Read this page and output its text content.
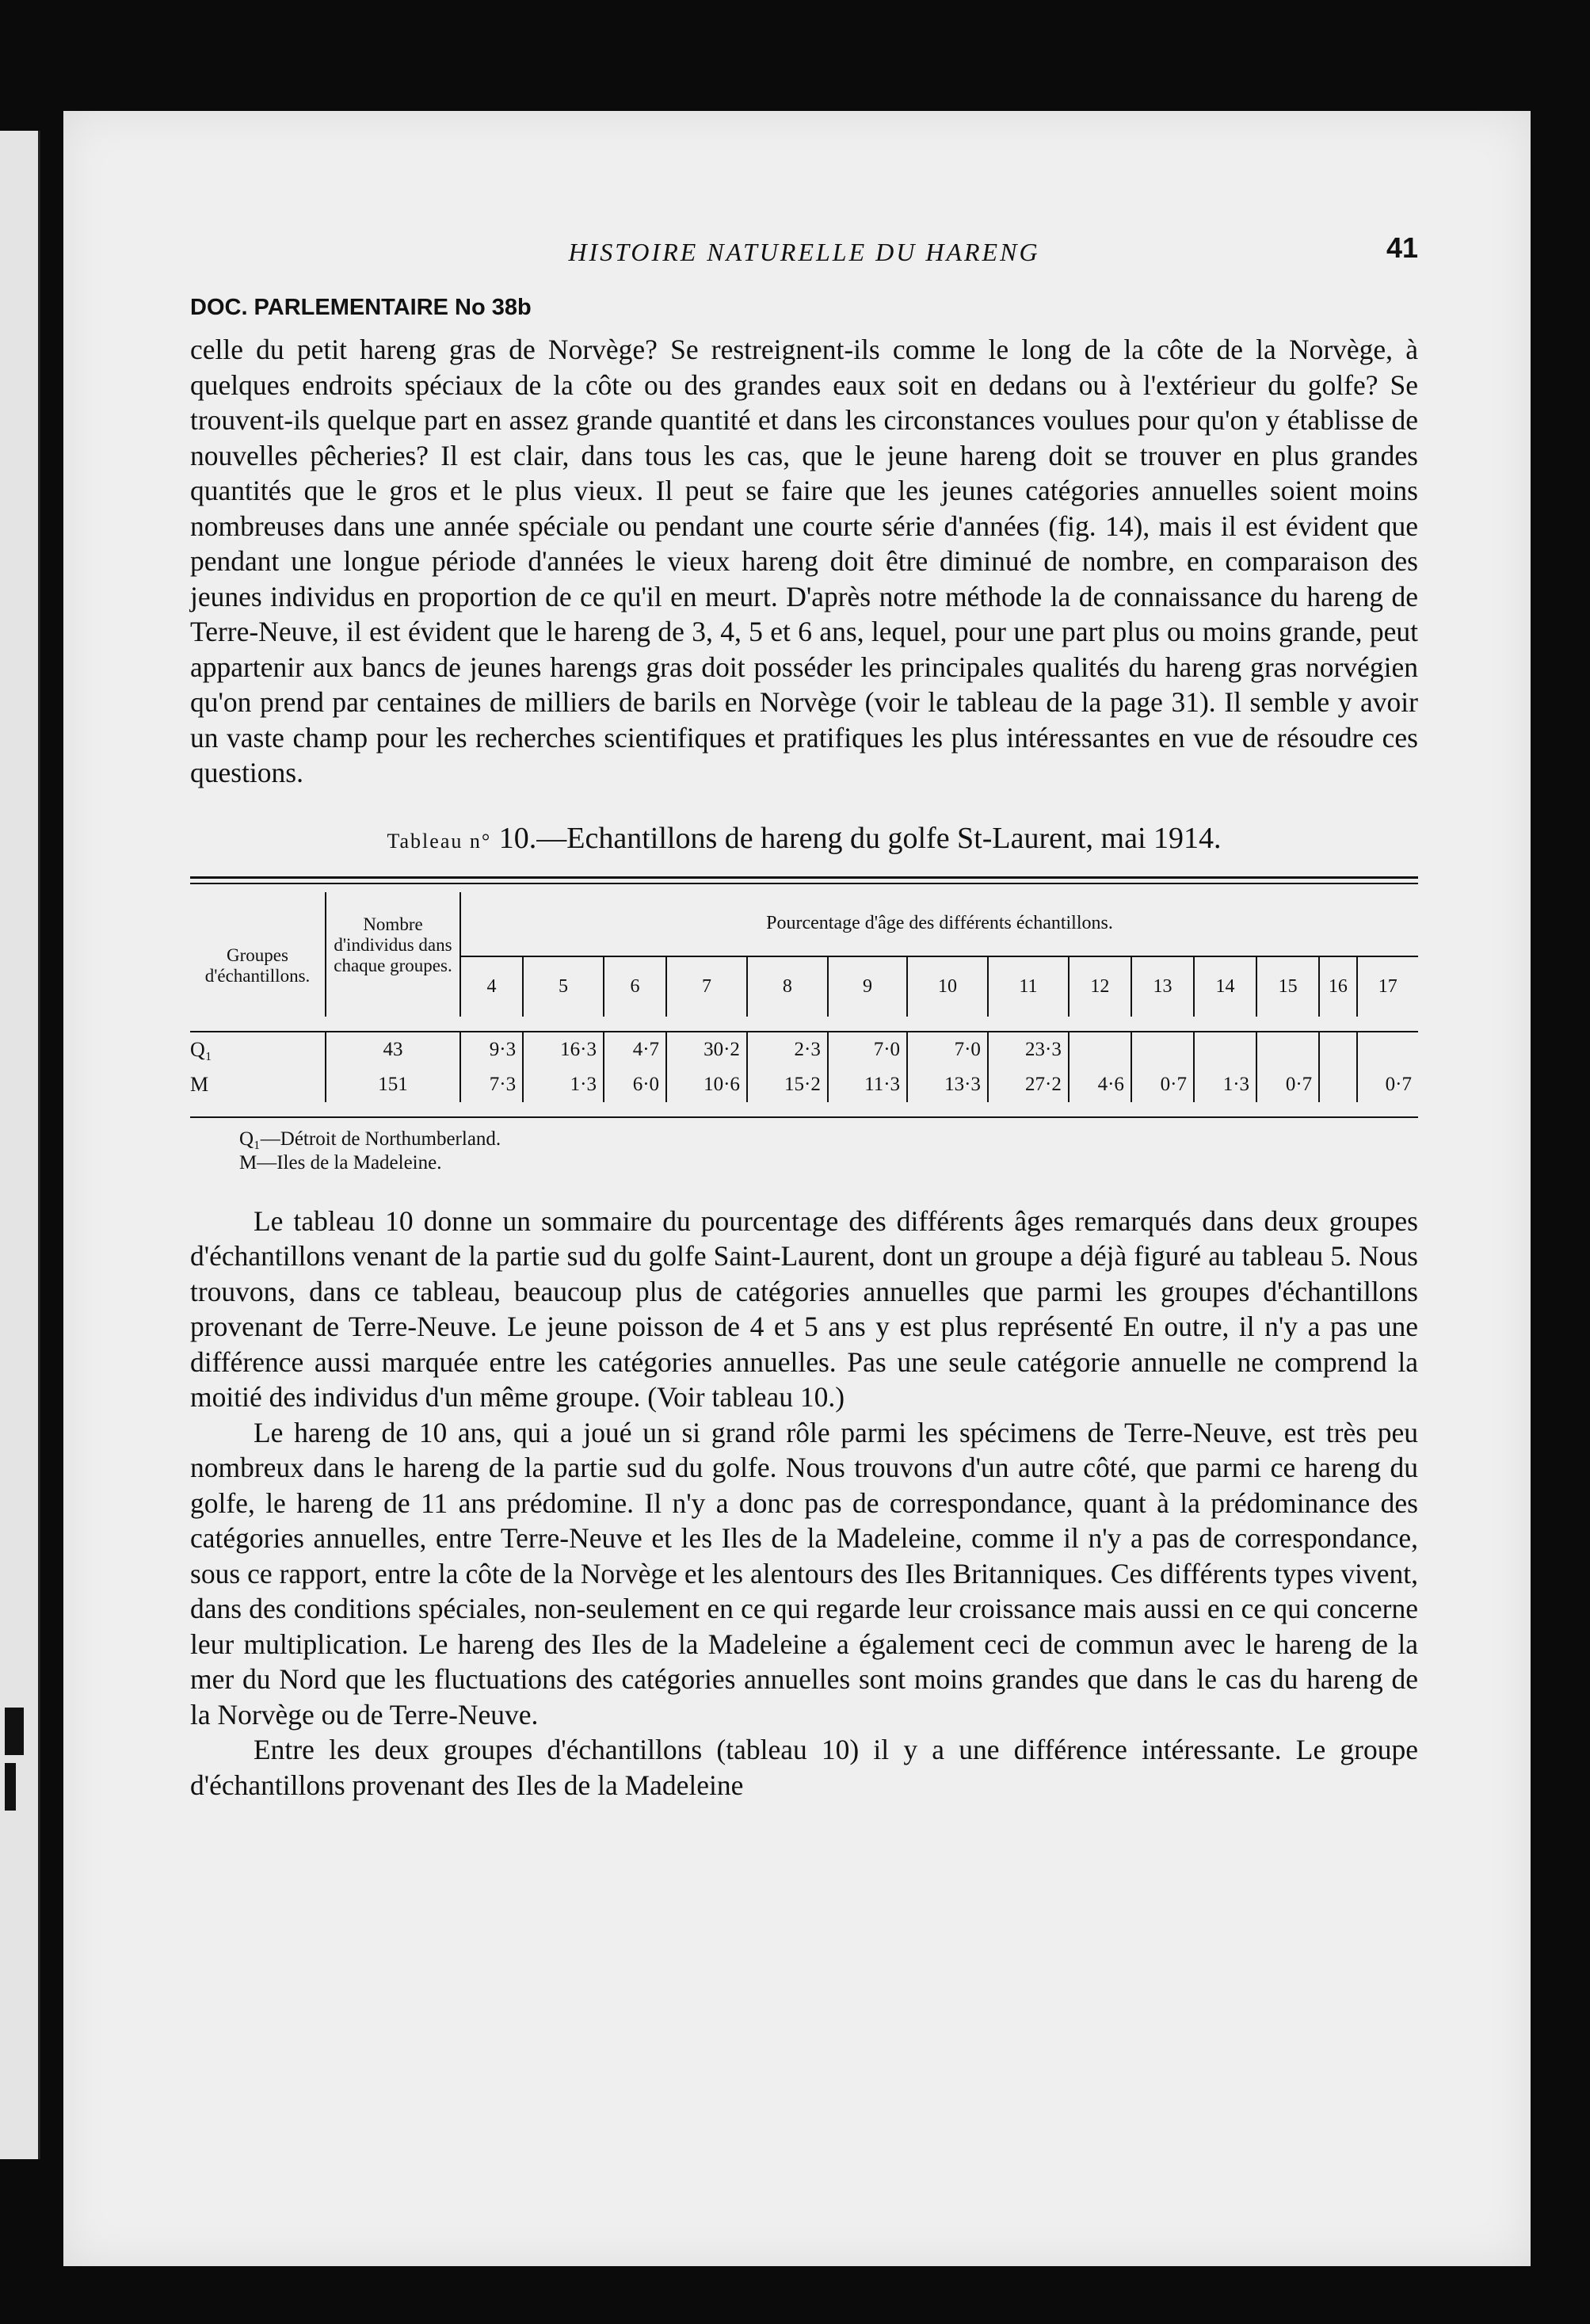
HISTOIRE NATURELLE DU HARENG	41
DOC. PARLEMENTAIRE No 38b

celle du petit hareng gras de Norvège? Se restreignent-ils comme le long de la côte de la Norvège, à quelques endroits spéciaux de la côte ou des grandes eaux soit en dedans ou à l'extérieur du golfe? Se trouvent-ils quelque part en assez grande quantité et dans les circonstances voulues pour qu'on y établisse de nouvelles pêcheries? Il est clair, dans tous les cas, que le jeune hareng doit se trouver en plus grandes quantités que le gros et le plus vieux. Il peut se faire que les jeunes catégories annuelles soient moins nombreuses dans une année spéciale ou pendant une courte série d'années (fig. 14), mais il est évident que pendant une longue période d'années le vieux hareng doit être diminué de nombre, en comparaison des jeunes individus en proportion de ce qu'il en meurt. D'après notre méthode la de connaissance du hareng de Terre-Neuve, il est évident que le hareng de 3, 4, 5 et 6 ans, lequel, pour une part plus ou moins grande, peut appartenir aux bancs de jeunes harengs gras doit posséder les principales qualités du hareng gras norvégien qu'on prend par centaines de milliers de barils en Norvège (voir le tableau de la page 31). Il semble y avoir un vaste champ pour les recherches scientifiques et pratifiques les plus intéressantes en vue de résoudre ces questions.

Tableau n° 10.—Echantillons de hareng du golfe St-Laurent, mai 1914.
Groupes d'échantillons.	Nombre d'individus dans chaque groupes.	Pourcentage d'âge des différents échantillons.													
		4	5	6	7	8	9	10	11	12	13	14	15	16	17

Q₁	43	9·3	16·3	4·7	30·2	2·3	7·0	7·0	23·3						
M	151	7·3	1·3	6·0	10·6	15·2	11·3	13·3	27·2	4·6	0·7	1·3	0·7		0·7
Q₁—Détroit de Northumberland.
M—Iles de la Madeleine.

Le tableau 10 donne un sommaire du pourcentage des différents âges remarqués dans deux groupes d'échantillons venant de la partie sud du golfe Saint-Laurent, dont un groupe a déjà figuré au tableau 5. Nous trouvons, dans ce tableau, beaucoup plus de catégories annuelles que parmi les groupes d'échantillons provenant de Terre-Neuve. Le jeune poisson de 4 et 5 ans y est plus représenté En outre, il n'y a pas une différence aussi marquée entre les catégories annuelles. Pas une seule catégorie annuelle ne comprend la moitié des individus d'un même groupe. (Voir tableau 10.)

Le hareng de 10 ans, qui a joué un si grand rôle parmi les spécimens de Terre-Neuve, est très peu nombreux dans le hareng de la partie sud du golfe. Nous trouvons d'un autre côté, que parmi ce hareng du golfe, le hareng de 11 ans prédomine. Il n'y a donc pas de correspondance, quant à la prédominance des catégories annuelles, entre Terre-Neuve et les Iles de la Madeleine, comme il n'y a pas de correspondance, sous ce rapport, entre la côte de la Norvège et les alentours des Iles Britanniques. Ces différents types vivent, dans des conditions spéciales, non-seulement en ce qui regarde leur croissance mais aussi en ce qui concerne leur multiplication. Le hareng des Iles de la Madeleine a également ceci de commun avec le hareng de la mer du Nord que les fluctuations des catégories annuelles sont moins grandes que dans le cas du hareng de la Norvège ou de Terre-Neuve.

Entre les deux groupes d'échantillons (tableau 10) il y a une différence intéressante. Le groupe d'échantillons provenant des Iles de la Madeleine
